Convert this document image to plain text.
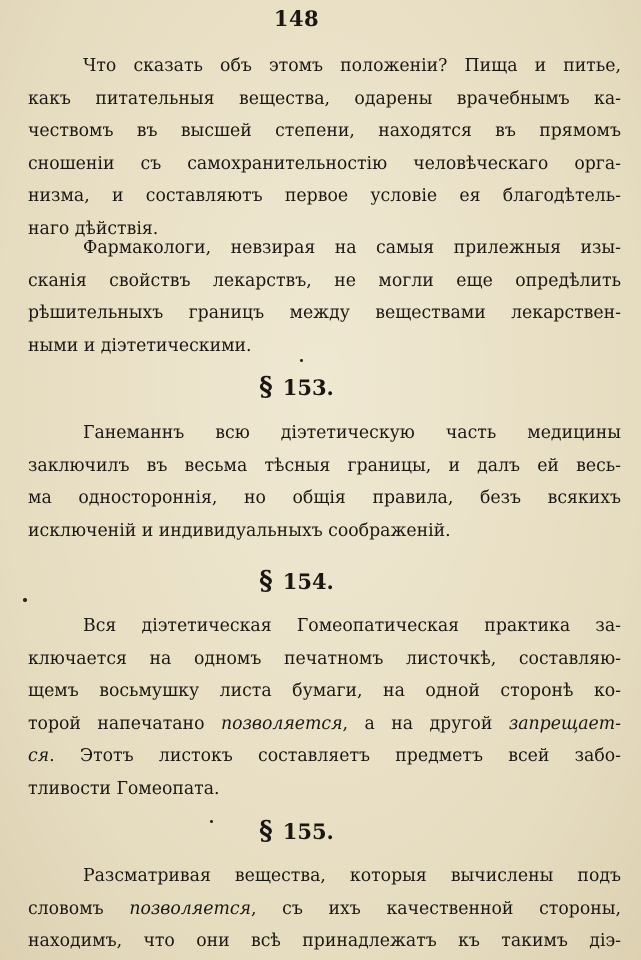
148

Что сказать объ этомъ положеніи? Пища и питье,
какъ питательныя вещества, одарены врачебнымъ ка-
чествомъ въ высшей степени, находятся въ прямомъ
сношеніи съ самохранительностію человѣческаго орга-
низма, и составляютъ первое условіе ея благодѣтель-
наго дѣйствія.

Фармакологи, невзирая на самыя прилежныя изы-
сканія свойствъ лекарствъ, не могли еще опредѣлить
рѣшительныхъ границъ между веществами лекарствен-
ными и діэтетическими.

§ 153.

Ганеманнъ всю діэтетическую часть медицины
заключилъ въ весьма тѣсныя границы, и далъ ей весь-
ма одностороннія, но общія правила, безъ всякихъ
исключеній и индивидуальныхъ соображеній.

§ 154.

Вся діэтетическая Гомеопатическая практика за-
ключается на одномъ печатномъ листочкѣ, составляю-
щемъ восьмушку листа бумаги, на одной сторонѣ ко-
торой напечатано позволяется, а на другой запрещает-
ся. Этотъ листокъ составляетъ предметъ всей забо-
тливости Гомеопата.

§ 155.

Разсматривая вещества, которыя вычислены подъ
словомъ позволяется, съ ихъ качественной стороны,
находимъ, что они всѣ принадлежатъ къ такимъ діэ-
